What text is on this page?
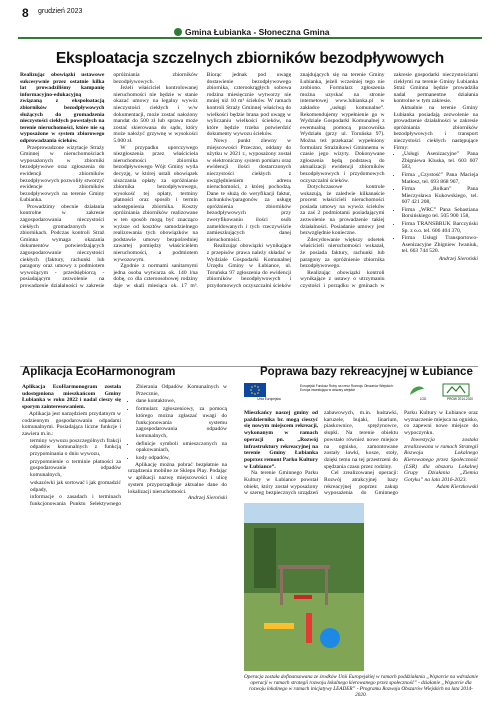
8 grudzień 2023
Gmina Łubianka - Słoneczna Gmina
Eksploatacja szczelnych zbiorników bezodpływowych

Realizując obowiązki ustawowe sukcesywnie przez ostatnie kilka lat prowadziliśmy kampanię informacyjno-edukacyjną związaną z ekspoloatacją zbiorników bezodpływowych służących do gromadzenia nieczystości ciekłych powstałych na terenie nieruchomości, które nie są wyposażone w system zbiorowego odprowadzania ścieków.

Przeprowadzone wizytacje Straży Gminnej w nieruchomościach wyposażonych w zbiorniki bezodpływowe oraz zgłoszenia do ewidencji zbiorników bezodpływowych pozwoliły stworzyć ewidencje zbiorników bezodpływowych na terenie Gminy Łubianka.

Prowadzimy obecnie działania kontrolne w zakresie zagospodarowania nieczystości ciekłych gromadzonych w zbiornikach. Podczas kontroli Straż Gminna wymaga okazania dokumentów potwierdzających zagospodarowanie nieczystości ciekłych (faktury, rachunki lub paragony oraz umowy z podmiotem wywożącym - przedsiębiorcą - posiadającym zezwolenie na prowadzenie działalności w zakresie opróżniania zbiorników bezodpływowych.

Jeżeli właściciel kontrolowanej nieruchomości nie będzie w stanie okazać umowy na legalny wywóz nieczystości ciekłych i w/w dokumentacji, może zostać nałożony mandat do 500 zł lub sprawa może zostać skierowana do sądu, który może nałożyć grzywnę w wysokości 5.000 zł.

W przypadku uporczywego niezgłoszenia przez właściciela nieruchomości zbiornika bezodpływowego Wójt Gminy wyda decyzję, w której ustali obowiązek uiszczania opłaty za opróżnianie zbiornika bezodpływowego, wysokość tej opłaty, terminy płatności oraz sposób i termin udostępnienia zbiornika. Koszty opróżniania zbiorników realizowane w ten sposób mogą być znacząco wyższe od kosztów samodzielnego realizowania tych obowiązków na podstawie umowy bezpośredniej zawartej pomiędzy właścicielem nieruchomości, a podmiotem wywozowym.

Zgodnie z normami sanitarnymi jedna osoba wytwarza ok. 140 l/na dobę, co dla czteroosobowej rodziny daje w skali miesiąca ok. 17 m³. Biorąc jednak pod uwagę dostawienie bezodpływowego zbiornika, czterookrągłych sobowa rodzina miesięcznie wytworzy nie mniej niż 10 m³ ścieków. W ramach kontroli Straży Gminnej właściwą do wielkości będzie brana pod uwagę w wyliczaniu wielkości ścieków, na które będzie trzeba potwierdzić dokumenty wywozu ścieków.

Nowy punkt zlewny w miejscowości Przeczno, oddany do użytku w 2021 r., wyposażony został w elektroniczny system pomiaru oraz ewidencji ilości dostarczonych nieczystości ciekłych z uwzględnieniem adresu nieruchomości, z której pochodzą. Dane te służą do weryfikacji faktur, rachunków/paragonów za usługę opróżnienia zbiorników bezodpływowych przy zweryfikowaniu ilości osób zameldowanych i tych rzeczywiście zamieszkujących danej nieruchomości.

Realizując obowiązki wynikające z przepisów prawa należy składać w Wydziale Gospodarki Komunalnej Urzędu Gminy w Łubiance, ul. Toruńska 97 zgłoszenia do ewidencji zbiorników bezodpływowych i przydomowych oczyszczalni ścieków znajdujących się na terenie Gminy Łubianka, jeżeli wcześniej tego nie zrobiono. Formularz zgłoszenia można uzyskać na stronie internetowej www.lubianka.pl w zakładce „usługi komunalne”. Rekomendujemy wypełnienie go w Wydziale Gospodarki Komunalnej z ewentualną pomocą pracownika Wydziału (przy ul. Toruńska 97). Można też przekazać wypełniony formularz Strażnikowi Gminnemu w czasie jego wizyty. Dokonywane zgłoszenia będą podstawą do aktualizacji ewidencji zbiorników bezodpływowych i przydomowych oczyszczalni ścieków.

Dotychczasowe kontrole wskazują, że zaledwie kilkanaście procent właścicieli nieruchomości posiada umowy na wywóz ścieków za zaś 2 podmiotami posiadającymi zezwolenie na prowadzenie takiej działalności. Posiadanie umowy jest bezwzględnie konieczne.

Zdecydowanie większy odsetek właścicieli nieruchomości wskazał, że posiada faktury, rachunki lub paragony za opróżnienie zbiornika bezodpływowego.

Realizując obowiązki kontroli wynikające z ustawy o utrzymaniu czystości i porządku w gminach w zakresie gospodarki nieczystościami ciekłymi na terenie Gminy Łubianka Straż Gminna będzie prowadziła nadal permanentne działania kontrolne w tym zakresie.

Aktualnie na terenie Gminy Łubianka posiadają zezwolenie na prowadzenie działalności w zakresie opróżniania zbiorników bezodpływowych i transport nieczystości ciekłych następujące Firmy:

• „Usługi Asenizacyjne” Pana Zbigniewa Kluska, tel. 603 607 583,
• Firma „Czystość” Pana Macieja Matłosz, tel. 693 868 967,
• Firma „Rolkan” Pana Mieczysława Kukowskiego, tel. 607 421 208,
• Firma „WRC” Pana Sebastiana Borsińskiego tel. 505 900 158,
• Firma TRANSBRUK Barczyński Sp. z o.o. tel. 606 404 370,
• Firma Usługi Transportowo-Asenizacyjne Zbigniew Iwaniuk, tel. 663 744 520.

Andrzej Sieroński

Aplikacja EcoHarmonogram

Aplikacja EcoHarmonogram została udostępniona mieszkańcom Gminy Łubianka w roku 2022 i nadal cieszy się sporym zainteresowaniem.

Aplikacja jest narzędziem przydatnym w codziennym gospodarowaniu odpadami komunalnymi. Posiadająca liczne funkcje i zawiera m.in.:

• terminy wywozu poszczególnych frakcji odpadów komunalnych z funkcją przypominania o dniu wywozu,
• przypomnienie o terminie płatności za gospodarowanie odpadów komunalnych,
• wskazówki jak sortować i jak gromadzić odpady,
• informacje o zasadach i terminach funkcjonowania Punktu Selektywnego Zbierania Odpadów Komunalnych w Przecznie,
• dane kontaktowe,
• formularz zgłoszeniowy, za pomocą którego można zgłaszać uwagi do funkcjonowania systemu zagospodarowania odpadów komunalnych,
• definicje symboli umieszczonych na opakowaniach,
• kody odpadów,

Aplikację można pobrać bezpłatnie na urządzenia mobilne ze Sklepu Play. Podając w aplikacji nazwę miejscowości i ulicę system przyporządkuje aktualne dane do lokalizacji nieruchomości.

Andrzej Sieroński

Poprawa bazy rekreacyjnej w Łubiance
Unia Europejska
Europejski Fundusz Rolny na rzecz Rozwoju Obszarów Wiejskich: Europa inwestująca w obszary wiejskie
LGD	PROW 2014-2020

Mieszkańcy naszej gminy od października br. mogą cieszyć się nowym miejscem rekreacji, wykonanym w ramach operacji pn. „Rozwój infrastruktury rekreacyjnej na terenie Gminy Łubianka poprzez remont Parku Kultury w Łubiance”.

Na terenie Gminnego Parku Kultury w Łubiance powstał obiekt, który został wyposażony w szereg bezpiecznych urządzeń zabawowych, m.in. huśtawki, karuzele, bujaki, linarium, piaskownice, sprężynowce, słupki. Na terenie obiektu powstało również nowe miejsce na ognisko, zamontowane zostały ławki, kosze, stoły, dzięki temu na tej przestrzeni do spędzania czasu przez rodziny.

Cel zrealizowanej operacji: Rozwój atrakcyjnej bazy rekreacyjnej poprzez zakup wyposażenia do Gminnego Parku Kultury w Łubiance oraz wyznaczenie miejsca na ognisko, co zapewni nowe miejsce do wypoczynku.

Inwestycja została zrealizowana w ramach Strategii Rozwoju Lokalnego Kierowanego przez Społeczność (LSR) dla obszaru Lokalnej Grupy Działania „Ziemia Gotyku” na lata 2016-2023.

Adam Kierzkowski

Operacja została dofinansowana ze środków Unii Europejskiej w ramach poddziałania „Wsparcie na wdrażanie operacji w ramach strategii rozwoju lokalnego kierowanego przez społeczność” - działanie „Wsparcie dla rozwoju lokalnego w ramach inicjatywy LEADER” - Programu Rozwoju Obszarów Wiejskich na lata 2014-2020.
